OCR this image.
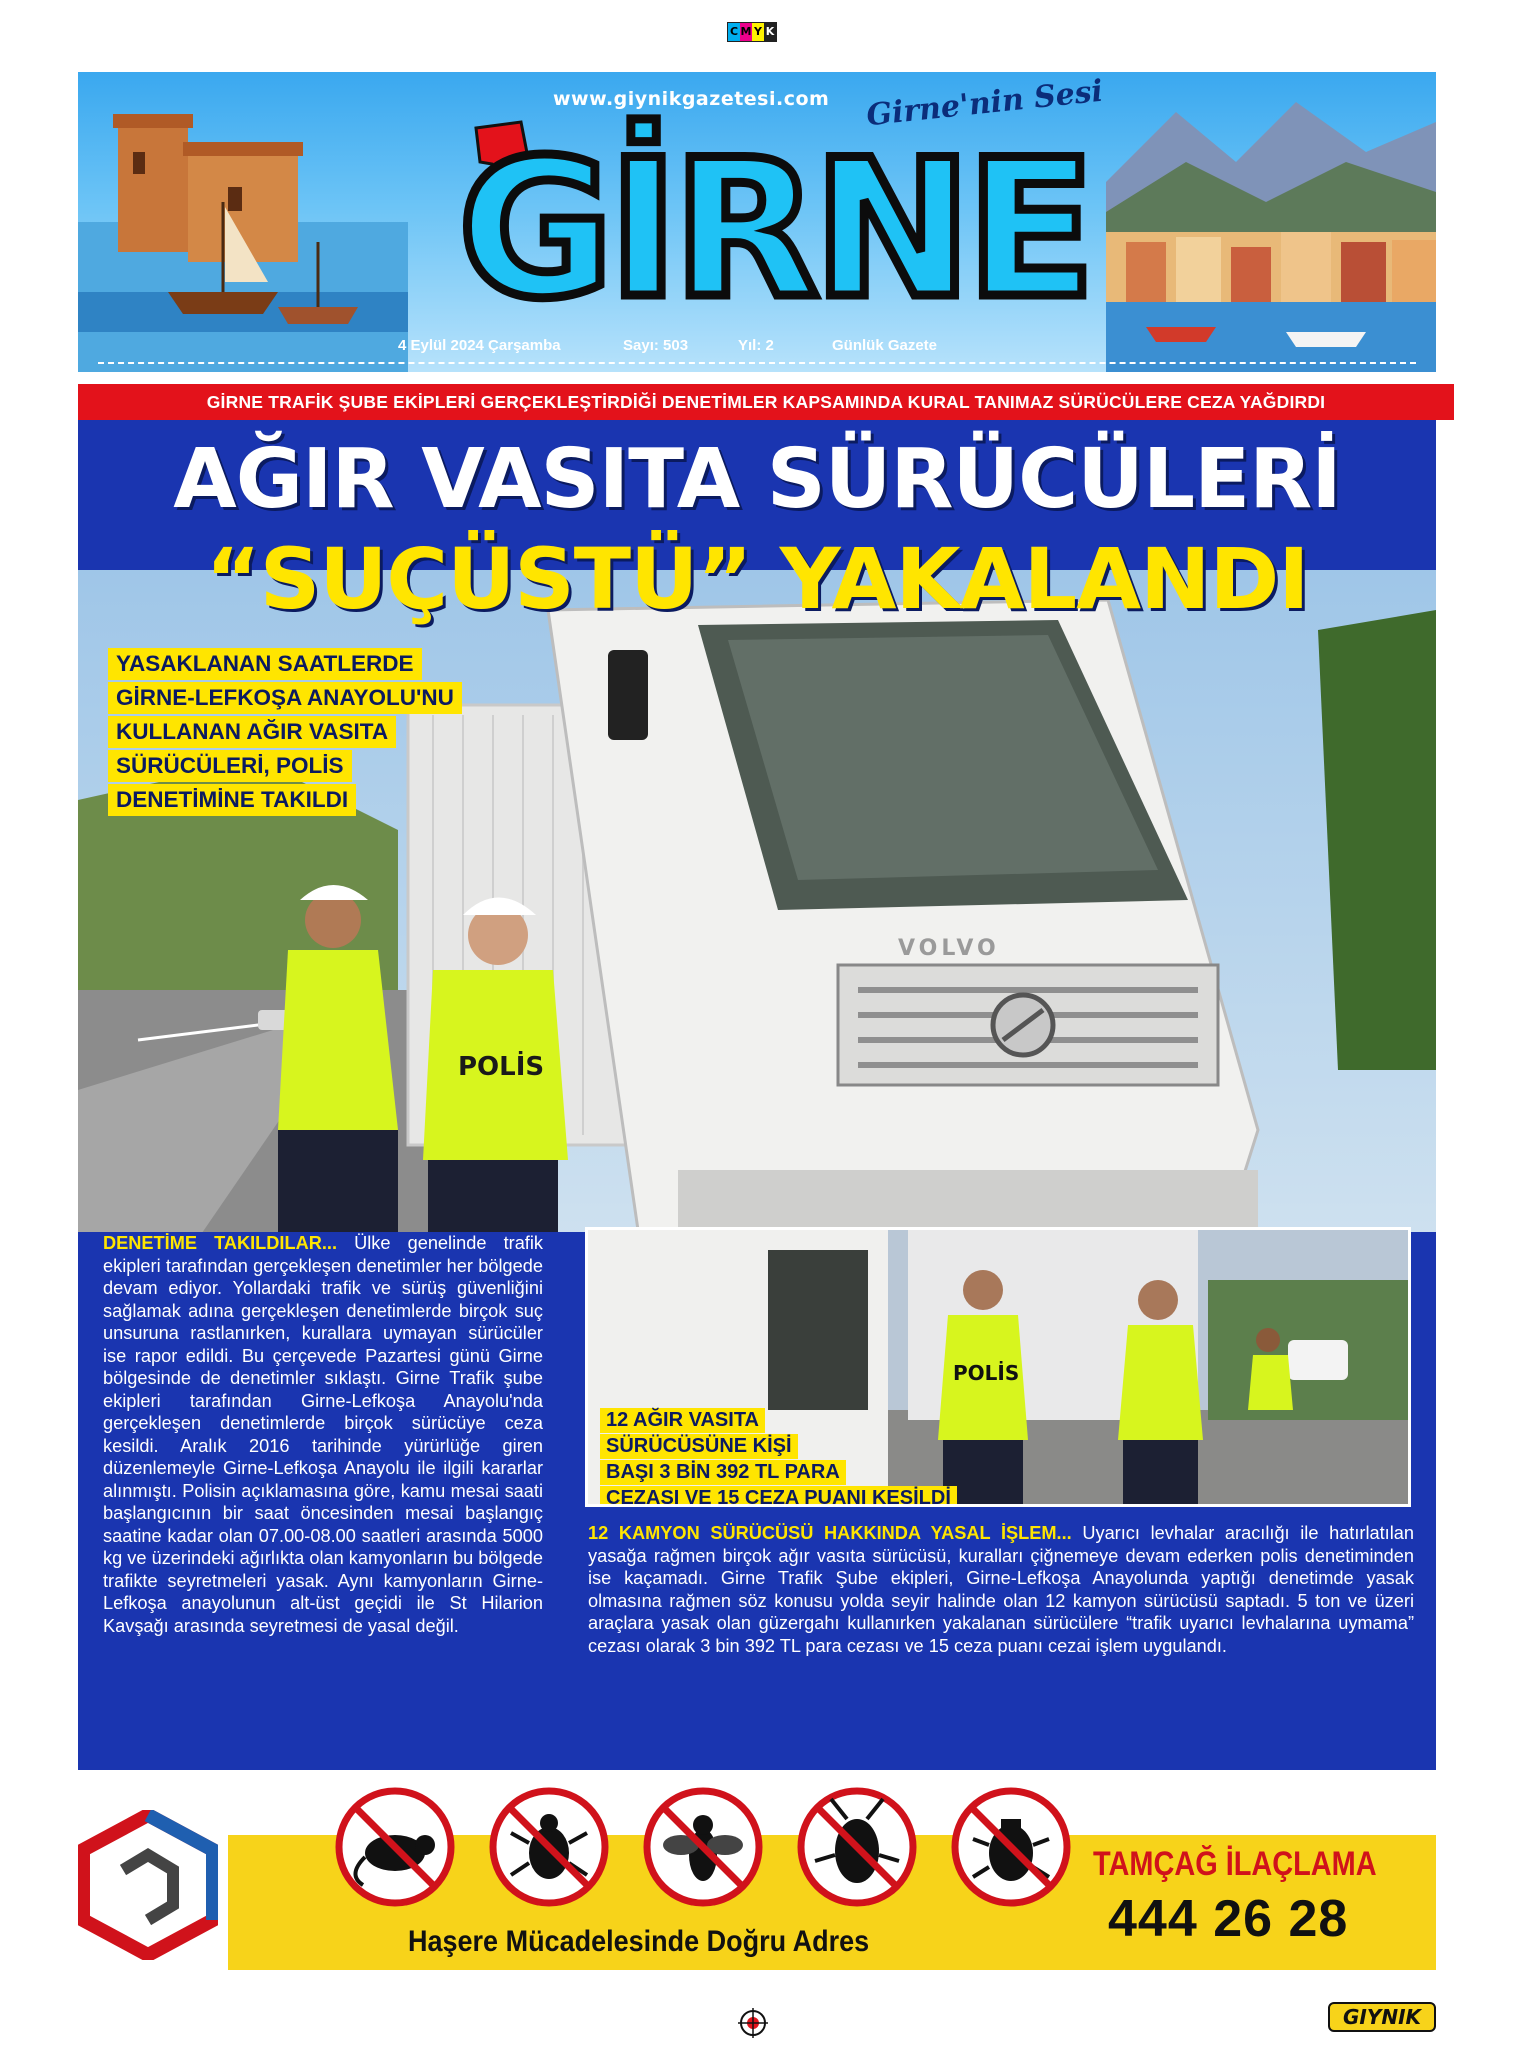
C M Y K
www.giynikgazetesi.com Girne'nin Sesi
GİRNE
4 Eylül 2024 Çarşamba	Sayı: 503	Yıl: 2	Günlük Gazete
GİRNE TRAFİK ŞUBE EKİPLERİ GERÇEKLEŞTİRDİĞİ DENETİMLER KAPSAMINDA KURAL TANIMAZ SÜRÜCÜLERE CEZA YAĞDIRDI
VOLVO
POLİS
AĞIR VASITA SÜRÜCÜLERİ
“SUÇÜSTÜ” YAKALANDI
YASAKLANAN SAATLERDE
GİRNE-LEFKOŞA ANAYOLU'NU
KULLANAN AĞIR VASITA
SÜRÜCÜLERİ, POLİS
DENETİMİNE TAKILDI
DENETİME TAKILDILAR... Ülke genelinde trafik ekipleri tarafından gerçekleşen denetimler her bölgede devam ediyor. Yollardaki trafik ve sürüş güvenliğini sağlamak adına gerçekleşen denetimlerde birçok suç unsuruna rastlanırken, kurallara uymayan sürücüler ise rapor edildi. Bu çerçevede Pazartesi günü Girne bölgesinde de denetimler sıklaştı. Girne Trafik şube ekipleri tarafından Girne-Lefkoşa Anayolu'nda gerçekleşen denetimlerde birçok sürücüye ceza kesildi. Aralık 2016 tarihinde yürürlüğe giren düzenlemeyle Girne-Lefkoşa Anayolu ile ilgili kararlar alınmıştı. Polisin açıklamasına göre, kamu mesai saati başlangıcının bir saat öncesinden mesai başlangıç saatine kadar olan 07.00-08.00 saatleri arasında 5000 kg ve üzerindeki ağırlıkta olan kamyonların bu bölgede trafikte seyretmeleri yasak. Aynı kamyonların Girne-Lefkoşa anayolunun alt-üst geçidi ile St Hilarion Kavşağı arasında seyretmesi de yasal değil.
POLİS
12 AĞIR VASITA
SÜRÜCÜSÜNE KİŞİ
BAŞI 3 BİN 392 TL PARA
CEZASI VE 15 CEZA PUANI KESİLDİ
12 KAMYON SÜRÜCÜSÜ HAKKINDA YASAL İŞLEM... Uyarıcı levhalar aracılığı ile hatırlatılan yasağa rağmen birçok ağır vasıta sürücüsü, kuralları çiğnemeye devam ederken polis denetiminden ise kaçamadı. Girne Trafik Şube ekipleri, Girne-Lefkoşa Anayolunda yaptığı denetimde yasak olmasına rağmen söz konusu yolda seyir halinde olan 12 kamyon sürücüsü saptadı. 5 ton ve üzeri araçlara yasak olan güzergahı kullanırken yakalanan sürücülere “trafik uyarıcı levhalarına uymama” cezası olarak 3 bin 392 TL para cezası ve 15 ceza puanı cezai işlem uygulandı.
TAMÇAĞ İLAÇLAMA
444 26 28
Haşere Mücadelesinde Doğru Adres
GIYNIK
